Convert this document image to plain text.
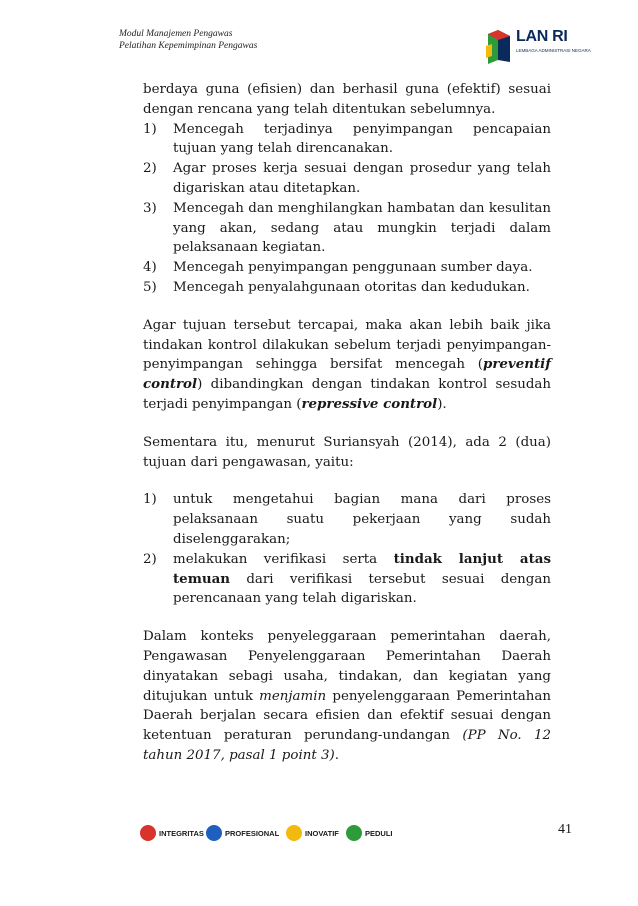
Modul Manajemen Pengawas
Pelatihan Kepemimpinan Pengawas
LAN RI
LEMBAGA ADMINISTRASI NEGARA

berdaya guna (efisien) dan berhasil guna (efektif) sesuai dengan rencana yang telah ditentukan sebelumnya.

1) Mencegah terjadinya penyimpangan pencapaian tujuan yang telah direncanakan.
2) Agar proses kerja sesuai dengan prosedur yang telah digariskan atau ditetapkan.
3) Mencegah dan menghilangkan hambatan dan kesulitan yang akan, sedang atau mungkin terjadi dalam pelaksanaan kegiatan.
4) Mencegah penyimpangan penggunaan sumber daya.
5) Mencegah penyalahgunaan otoritas dan kedudukan.

Agar tujuan tersebut tercapai, maka akan lebih baik jika tindakan kontrol dilakukan sebelum terjadi penyimpangan-penyimpangan sehingga bersifat mencegah (preventif control) dibandingkan dengan tindakan kontrol sesudah terjadi penyimpangan (repressive control).

Sementara itu, menurut Suriansyah (2014), ada 2 (dua) tujuan dari pengawasan, yaitu:

1) untuk mengetahui bagian mana dari proses pelaksanaan suatu pekerjaan yang sudah diselenggarakan;
2) melakukan verifikasi serta tindak lanjut atas temuan dari verifikasi tersebut sesuai dengan perencanaan yang telah digariskan.

Dalam konteks penyeleggaraan pemerintahan daerah, Pengawasan Penyelenggaraan Pemerintahan Daerah dinyatakan sebagi usaha, tindakan, dan kegiatan yang ditujukan untuk menjamin penyelenggaraan Pemerintahan Daerah berjalan secara efisien dan efektif sesuai dengan ketentuan peraturan perundang-undangan (PP No. 12 tahun 2017, pasal 1 point 3).

INTEGRITAS	PROFESIONAL	INOVATIF	PEDULI	41
